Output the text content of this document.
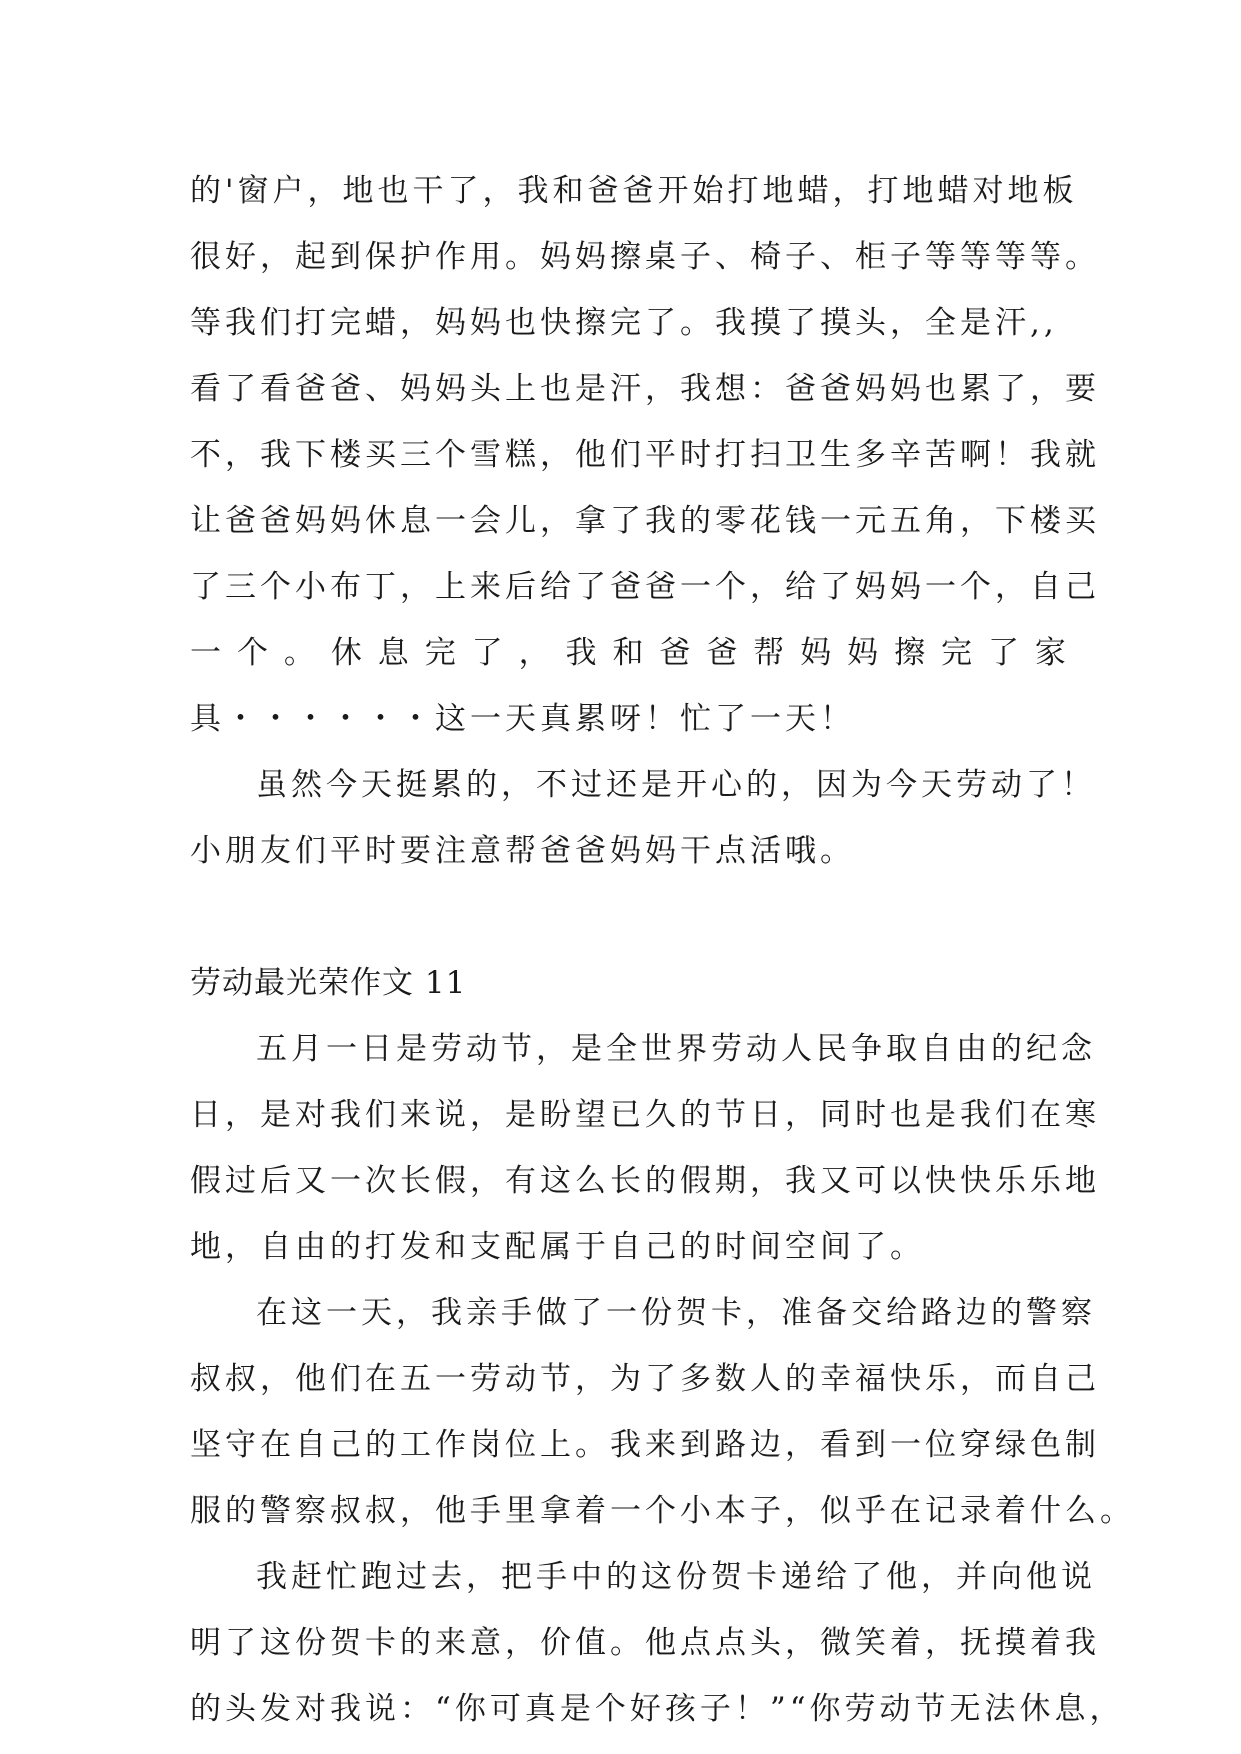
的'窗户，地也干了，我和爸爸开始打地蜡，打地蜡对地板
很好，起到保护作用。妈妈擦桌子、椅子、柜子等等等等。
等我们打完蜡，妈妈也快擦完了。我摸了摸头，全是汗,,
看了看爸爸、妈妈头上也是汗，我想：爸爸妈妈也累了，要
不，我下楼买三个雪糕，他们平时打扫卫生多辛苦啊！我就
让爸爸妈妈休息一会儿，拿了我的零花钱一元五角，下楼买
了三个小布丁，上来后给了爸爸一个，给了妈妈一个，自己
一 个 。 休 息 完 了 ， 我 和 爸 爸 帮 妈 妈 擦 完 了 家
具・・・・・・这一天真累呀！忙了一天！
虽然今天挺累的，不过还是开心的，因为今天劳动了！
小朋友们平时要注意帮爸爸妈妈干点活哦。
劳动最光荣作文 11
五月一日是劳动节，是全世界劳动人民争取自由的纪念
日，是对我们来说，是盼望已久的节日，同时也是我们在寒
假过后又一次长假，有这么长的假期，我又可以快快乐乐地
地，自由的打发和支配属于自己的时间空间了。
在这一天，我亲手做了一份贺卡，准备交给路边的警察
叔叔，他们在五一劳动节，为了多数人的幸福快乐，而自己
坚守在自己的工作岗位上。我来到路边，看到一位穿绿色制
服的警察叔叔，他手里拿着一个小本子，似乎在记录着什么。
我赶忙跑过去，把手中的这份贺卡递给了他，并向他说
明了这份贺卡的来意，价值。他点点头，微笑着，抚摸着我
的头发对我说：“你可真是个好孩子！”“你劳动节无法休息，
